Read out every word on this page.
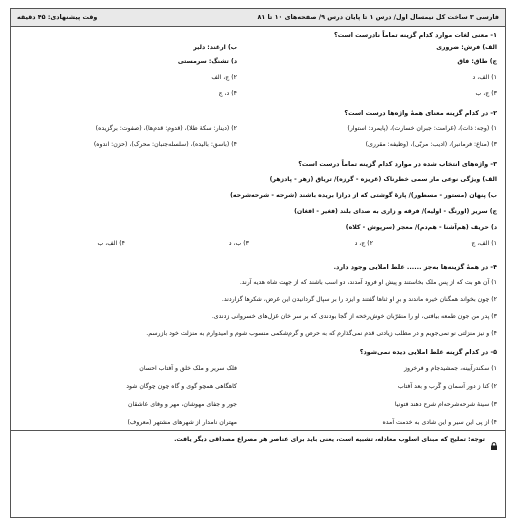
فارسی ۳ ساخت کل نیمسال اول/ درس ۱ تا پایان درس ۹/ صفحه‌های ۱۰ تا ۸۱
وقت پیشنهادی: ۴۵ دقیقه
۱- معنی لغات موارد کدام گزینه تماماً نادرست است؟
الف) فرش: ضروری
ب) ارغند: دلیر
ج) طاق: فاق
د) تشنگ: سرمستی
۱) الف، د
۲) ج، الف
۳) ج، ب
۴) د، ج
۲- در کدام گزینه معنای همهٔ واژه‌ها درست است؟
۱) (وجه: ذات)، (غرامت: جبران خسارت)، (پایمرد: استوار)
۲) (دینار: سکهٔ طلا)، (قدوم: قدم‌ها)، (صفوت: برگزیده)
۳) (مناع: فرمانبر)، (ادیب: مربّی)، (وظیفه: مقرری)
۴) (باسق: بالیده)، (سلسله‌جنبان: محرک)، (حزن: اندوه)
۳- واژه‌های انتخاب شده در موارد کدام گزینه تماماً درست است؟
الف) ویژگی نوعی مار سمی خطرناک (غریزه - گرزه)/ تریاق (زهر - پادزهر)
ب) پنهان (مستور - مسطور)/ پارهٔ گوشتی که از درازا بریده باشند (شرحه - شرحه‌شرحه)
ج) سریر (اورنگ - اولیه)/ فرقه و زاری به صدای بلند (فغیر - افغان)
د) حریف (هم‌آشنا - هم‌دم)/ معجر (سرپوش - کلاه)
۱) الف، ج
۲) ج، د
۳) ب، د
۴) الف، ب
۴- در همهٔ گزینه‌ها به‌جز ...... غلط املایی وجود دارد.
۱) آن هو بت که از پس ملک بخاستند و پیش او فرود آمدند، دو اسب باشند که از جهت شاه هدیه آرند.
۲) چون بخواند همگنان خیره ماندند و برِ او ثناها گفتند و ایزد را بر سپال گردانیدن این غرض، شکرها گزاردند.
۳) پدر من جون طمعه بیافتی، او را منقرّبان خوش‌رخحه از گجا بودندی که بر سر خان غزل‌های خسروانی زدندی.
۴) و نیز منزلتی نو نمی‌جویم و در مطلب زیادتی قدم نمی‌گذارم که به حرص و گرم‌شکمی منسوب شوم و امیدوارم به منزلت خود بازرسم.
۵- در کدام گزینه غلط املایی دیده نمی‌شود؟
۱) سکندرآیینه، جمشیدجام و فرخروز
فلک سریر و ملک خلق و آفتاب احسان
۲) کنا ز دور آسمان و گَرب و بعد آفتاب
کاهگاهی همچو گوی و گاه چون چوگان شود
۳) سینهٔ شرحه‌شرحه‌ام شرح دهند فتونیا
جور و جفای مهوشان، مهر و وفای عاشقان
۴) از پی این سیر و این شادی به خدمت آمده
مهتران نامدار از شهرهای مشتهر (معروف)
توجه: تملیح که مبنای اسلوب معادله، تشبیه است، یعنی باید برای عناصر هر مصراع مصداقی دیگر یافت.
